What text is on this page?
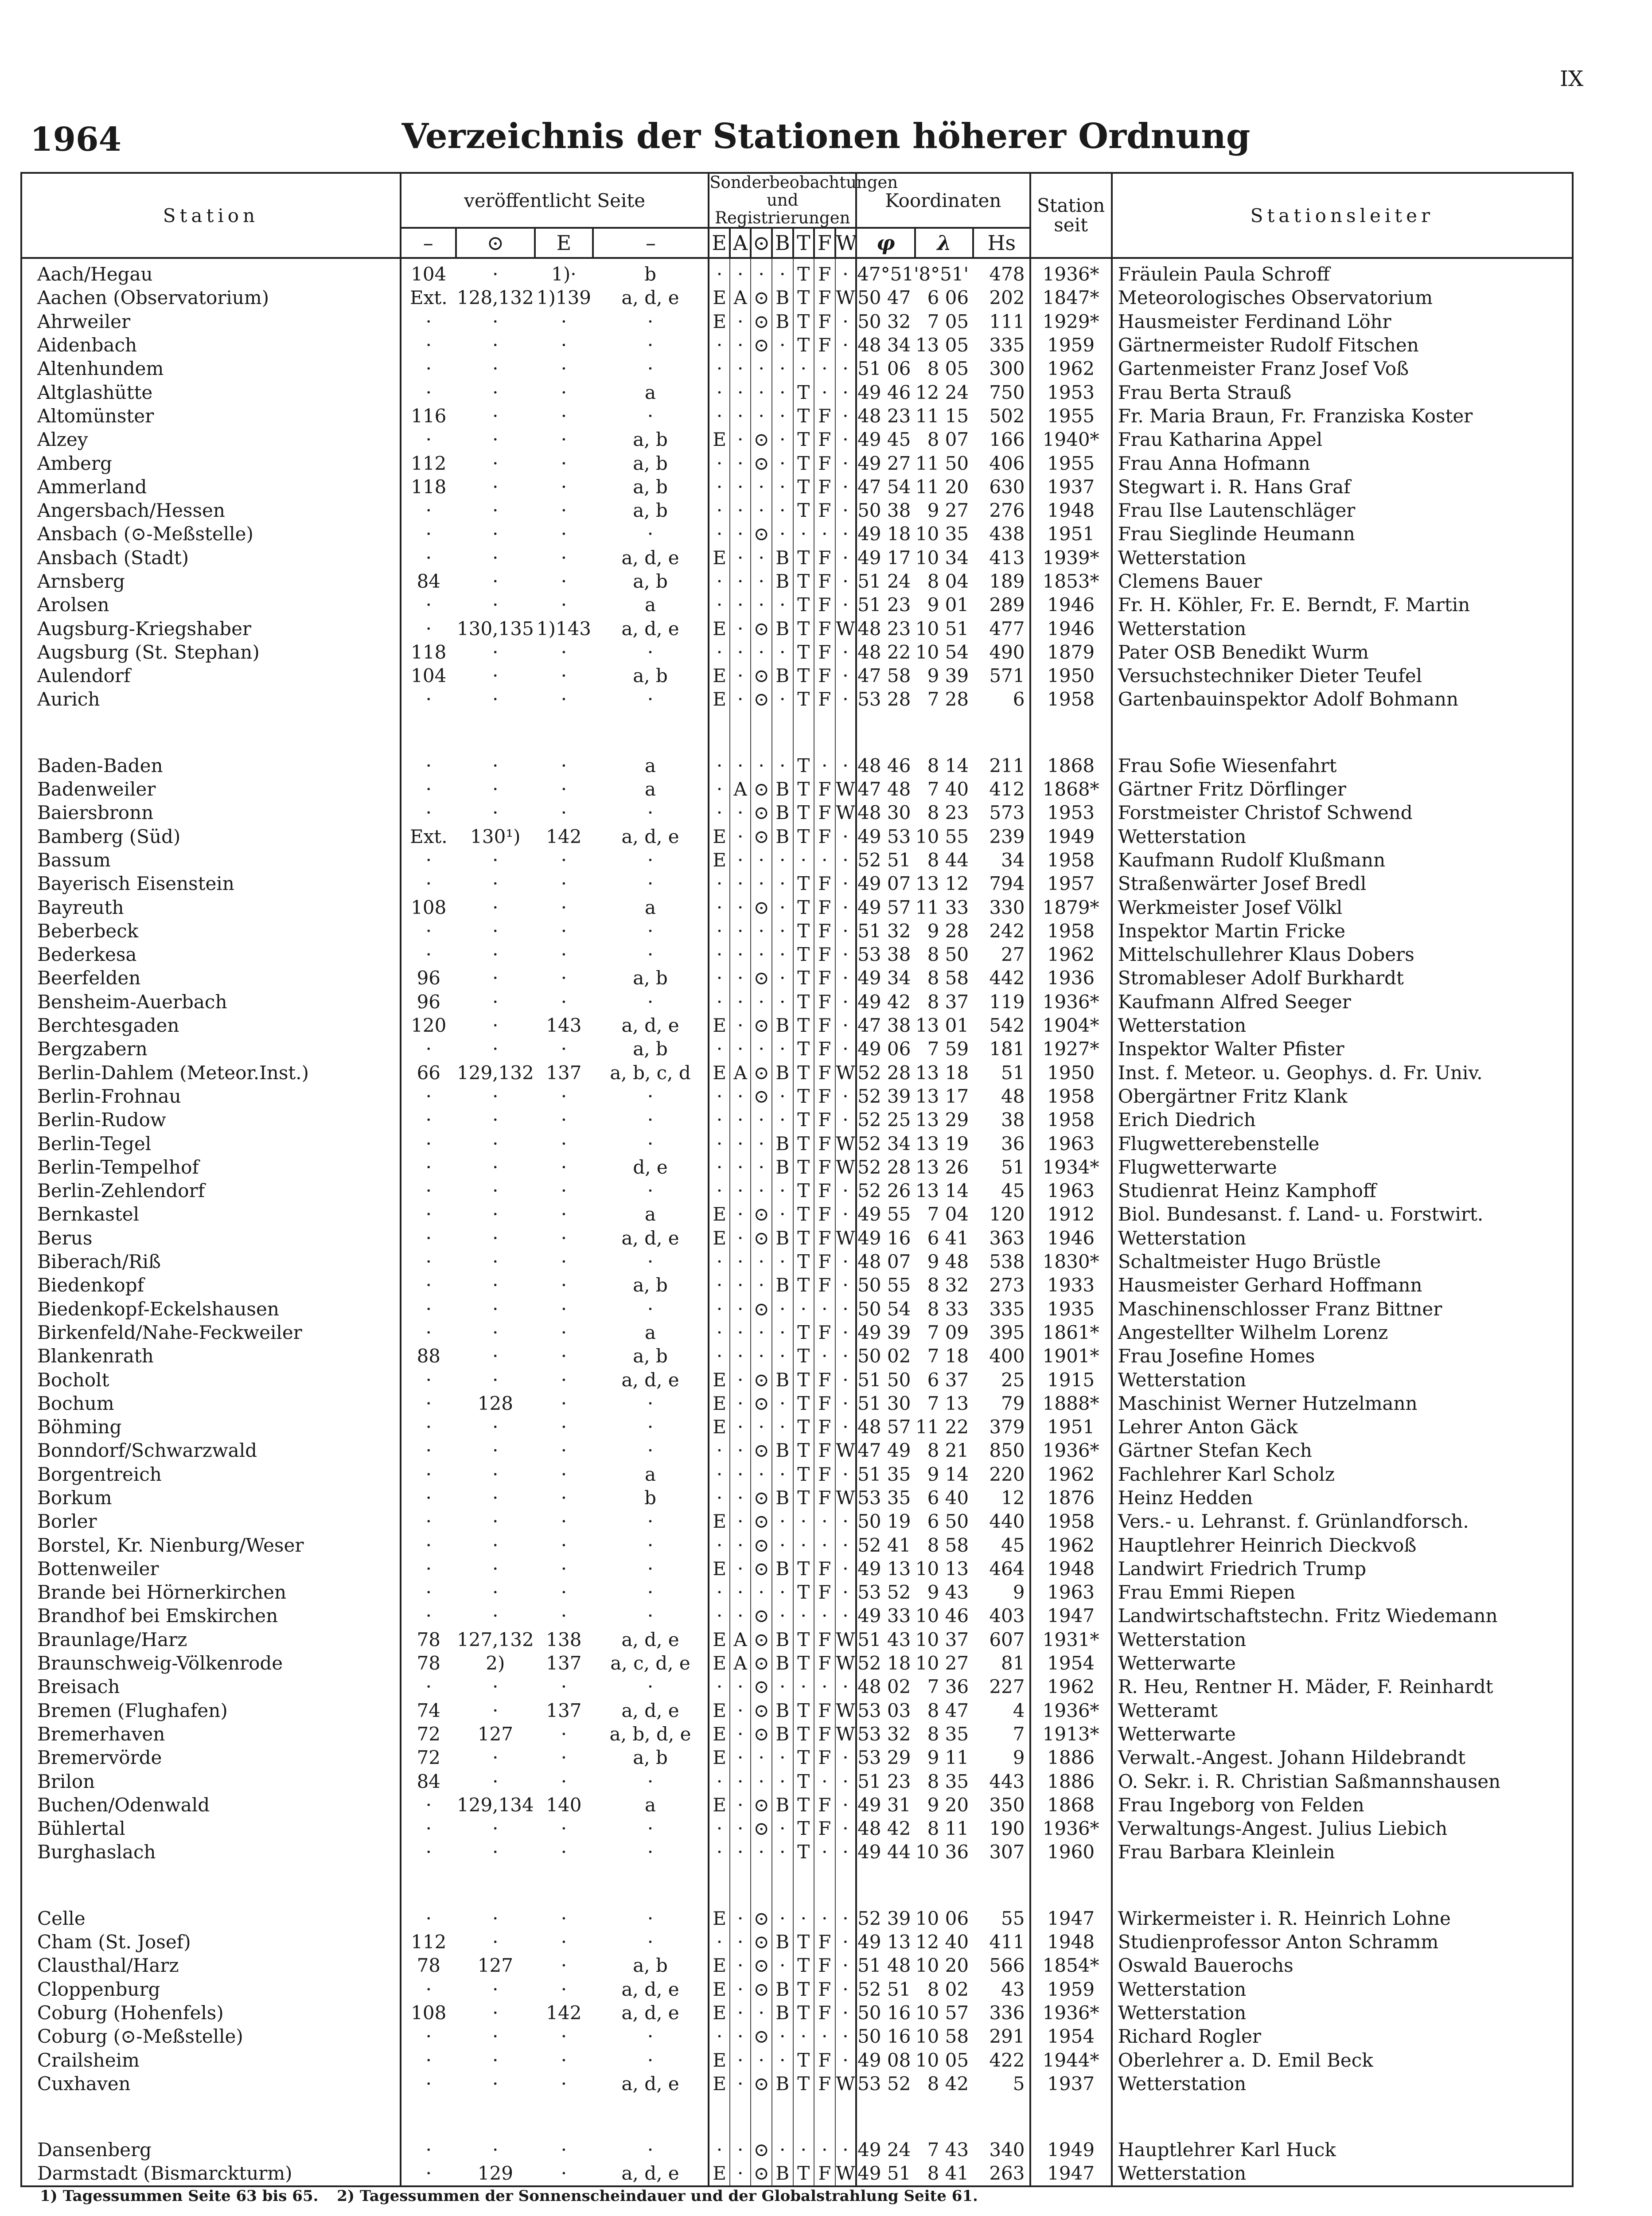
IX
1964	Verzeichnis der Stationen höherer Ordnung
Station	veröffentlicht Seite				Sonderbeobachtungen und Registrierungen							Koordinaten			Station seit	Stationsleiter
	–	⊙	E	–	E	A	⊙	B	T	F	W	φ	λ	Hs		
Aach/Hegau	104	·	1)·	b	·	·	·	·	T	F	·	47°51'	8°51'	478	1936*	Fräulein Paula Schroff
Aachen (Observatorium)	Ext.	128,132	1)139	a, d, e	E	A	⊙	B	T	F	W	50 47	6 06	202	1847*	Meteorologisches Observatorium
Ahrweiler	·	·	·	·	E	·	⊙	B	T	F	·	50 32	7 05	111	1929*	Hausmeister Ferdinand Löhr
Aidenbach	·	·	·	·	·	·	⊙	·	T	F	·	48 34	13 05	335	1959	Gärtnermeister Rudolf Fitschen
Altenhundem	·	·	·	·	·	·	·	·	·	·	·	51 06	8 05	300	1962	Gartenmeister Franz Josef Voß
Altglashütte	·	·	·	a	·	·	·	·	T	·	·	49 46	12 24	750	1953	Frau Berta Strauß
Altomünster	116	·	·	·	·	·	·	·	T	F	·	48 23	11 15	502	1955	Fr. Maria Braun, Fr. Franziska Koster
Alzey	·	·	·	a, b	E	·	⊙	·	T	F	·	49 45	8 07	166	1940*	Frau Katharina Appel
Amberg	112	·	·	a, b	·	·	⊙	·	T	F	·	49 27	11 50	406	1955	Frau Anna Hofmann
Ammerland	118	·	·	a, b	·	·	·	·	T	F	·	47 54	11 20	630	1937	Stegwart i. R. Hans Graf
Angersbach/Hessen	·	·	·	a, b	·	·	·	·	T	F	·	50 38	9 27	276	1948	Frau Ilse Lautenschläger
Ansbach (⊙-Meßstelle)	·	·	·	·	·	·	⊙	·	·	·	·	49 18	10 35	438	1951	Frau Sieglinde Heumann
Ansbach (Stadt)	·	·	·	a, d, e	E	·	·	B	T	F	·	49 17	10 34	413	1939*	Wetterstation
Arnsberg	84	·	·	a, b	·	·	·	B	T	F	·	51 24	8 04	189	1853*	Clemens Bauer
Arolsen	·	·	·	a	·	·	·	·	T	F	·	51 23	9 01	289	1946	Fr. H. Köhler, Fr. E. Berndt, F. Martin
Augsburg-Kriegshaber	·	130,135	1)143	a, d, e	E	·	⊙	B	T	F	W	48 23	10 51	477	1946	Wetterstation
Augsburg (St. Stephan)	118	·	·	·	·	·	·	·	T	F	·	48 22	10 54	490	1879	Pater OSB Benedikt Wurm
Aulendorf	104	·	·	a, b	E	·	⊙	B	T	F	·	47 58	9 39	571	1950	Versuchstechniker Dieter Teufel
Aurich	·	·	·	·	E	·	⊙	·	T	F	·	53 28	7 28	6	1958	Gartenbauinspektor Adolf Bohmann

Baden-Baden	·	·	·	a	·	·	·	·	T	·	·	48 46	8 14	211	1868	Frau Sofie Wiesenfahrt
Badenweiler	·	·	·	a	·	A	⊙	B	T	F	W	47 48	7 40	412	1868*	Gärtner Fritz Dörflinger
Baiersbronn	·	·	·	·	·	·	⊙	B	T	F	W	48 30	8 23	573	1953	Forstmeister Christof Schwend
Bamberg (Süd)	Ext.	130¹)	142	a, d, e	E	·	⊙	B	T	F	·	49 53	10 55	239	1949	Wetterstation
Bassum	·	·	·	·	E	·	·	·	·	·	·	52 51	8 44	34	1958	Kaufmann Rudolf Klußmann
Bayerisch Eisenstein	·	·	·	·	·	·	·	·	T	F	·	49 07	13 12	794	1957	Straßenwärter Josef Bredl
Bayreuth	108	·	·	a	·	·	⊙	·	T	F	·	49 57	11 33	330	1879*	Werkmeister Josef Völkl
Beberbeck	·	·	·	·	·	·	·	·	T	F	·	51 32	9 28	242	1958	Inspektor Martin Fricke
Bederkesa	·	·	·	·	·	·	·	·	T	F	·	53 38	8 50	27	1962	Mittelschullehrer Klaus Dobers
Beerfelden	96	·	·	a, b	·	·	⊙	·	T	F	·	49 34	8 58	442	1936	Stromableser Adolf Burkhardt
Bensheim-Auerbach	96	·	·	·	·	·	·	·	T	F	·	49 42	8 37	119	1936*	Kaufmann Alfred Seeger
Berchtesgaden	120	·	143	a, d, e	E	·	⊙	B	T	F	·	47 38	13 01	542	1904*	Wetterstation
Bergzabern	·	·	·	a, b	·	·	·	·	T	F	·	49 06	7 59	181	1927*	Inspektor Walter Pfister
Berlin-Dahlem (Meteor.Inst.)	66	129,132	137	a, b, c, d	E	A	⊙	B	T	F	W	52 28	13 18	51	1950	Inst. f. Meteor. u. Geophys. d. Fr. Univ.
Berlin-Frohnau	·	·	·	·	·	·	⊙	·	T	F	·	52 39	13 17	48	1958	Obergärtner Fritz Klank
Berlin-Rudow	·	·	·	·	·	·	·	·	T	F	·	52 25	13 29	38	1958	Erich Diedrich
Berlin-Tegel	·	·	·	·	·	·	·	B	T	F	W	52 34	13 19	36	1963	Flugwetterebenstelle
Berlin-Tempelhof	·	·	·	d, e	·	·	·	B	T	F	W	52 28	13 26	51	1934*	Flugwetterwarte
Berlin-Zehlendorf	·	·	·	·	·	·	·	·	T	F	·	52 26	13 14	45	1963	Studienrat Heinz Kamphoff
Bernkastel	·	·	·	a	E	·	⊙	·	T	F	·	49 55	7 04	120	1912	Biol. Bundesanst. f. Land- u. Forstwirt.
Berus	·	·	·	a, d, e	E	·	⊙	B	T	F	W	49 16	6 41	363	1946	Wetterstation
Biberach/Riß	·	·	·	·	·	·	·	·	T	F	·	48 07	9 48	538	1830*	Schaltmeister Hugo Brüstle
Biedenkopf	·	·	·	a, b	·	·	·	B	T	F	·	50 55	8 32	273	1933	Hausmeister Gerhard Hoffmann
Biedenkopf-Eckelshausen	·	·	·	·	·	·	⊙	·	·	·	·	50 54	8 33	335	1935	Maschinenschlosser Franz Bittner
Birkenfeld/Nahe-Feckweiler	·	·	·	a	·	·	·	·	T	F	·	49 39	7 09	395	1861*	Angestellter Wilhelm Lorenz
Blankenrath	88	·	·	a, b	·	·	·	·	T	·	·	50 02	7 18	400	1901*	Frau Josefine Homes
Bocholt	·	·	·	a, d, e	E	·	⊙	B	T	F	·	51 50	6 37	25	1915	Wetterstation
Bochum	·	128	·	·	E	·	⊙	·	T	F	·	51 30	7 13	79	1888*	Maschinist Werner Hutzelmann
Böhming	·	·	·	·	E	·	·	·	T	F	·	48 57	11 22	379	1951	Lehrer Anton Gäck
Bonndorf/Schwarzwald	·	·	·	·	·	·	⊙	B	T	F	W	47 49	8 21	850	1936*	Gärtner Stefan Kech
Borgentreich	·	·	·	a	·	·	·	·	T	F	·	51 35	9 14	220	1962	Fachlehrer Karl Scholz
Borkum	·	·	·	b	·	·	⊙	B	T	F	W	53 35	6 40	12	1876	Heinz Hedden
Borler	·	·	·	·	E	·	⊙	·	·	·	·	50 19	6 50	440	1958	Vers.- u. Lehranst. f. Grünlandforsch.
Borstel, Kr. Nienburg/Weser	·	·	·	·	·	·	⊙	·	·	·	·	52 41	8 58	45	1962	Hauptlehrer Heinrich Dieckvoß
Bottenweiler	·	·	·	·	E	·	⊙	B	T	F	·	49 13	10 13	464	1948	Landwirt Friedrich Trump
Brande bei Hörnerkirchen	·	·	·	·	·	·	·	·	T	F	·	53 52	9 43	9	1963	Frau Emmi Riepen
Brandhof bei Emskirchen	·	·	·	·	·	·	⊙	·	·	·	·	49 33	10 46	403	1947	Landwirtschaftstechn. Fritz Wiedemann
Braunlage/Harz	78	127,132	138	a, d, e	E	A	⊙	B	T	F	W	51 43	10 37	607	1931*	Wetterstation
Braunschweig-Völkenrode	78	2)	137	a, c, d, e	E	A	⊙	B	T	F	W	52 18	10 27	81	1954	Wetterwarte
Breisach	·	·	·	·	·	·	⊙	·	·	·	·	48 02	7 36	227	1962	R. Heu, Rentner H. Mäder, F. Reinhardt
Bremen (Flughafen)	74	·	137	a, d, e	E	·	⊙	B	T	F	W	53 03	8 47	4	1936*	Wetteramt
Bremerhaven	72	127	·	a, b, d, e	E	·	⊙	B	T	F	W	53 32	8 35	7	1913*	Wetterwarte
Bremervörde	72	·	·	a, b	E	·	·	·	T	F	·	53 29	9 11	9	1886	Verwalt.-Angest. Johann Hildebrandt
Brilon	84	·	·	·	·	·	·	·	T	·	·	51 23	8 35	443	1886	O. Sekr. i. R. Christian Saßmannshausen
Buchen/Odenwald	·	129,134	140	a	E	·	⊙	B	T	F	·	49 31	9 20	350	1868	Frau Ingeborg von Felden
Bühlertal	·	·	·	·	·	·	⊙	·	T	F	·	48 42	8 11	190	1936*	Verwaltungs-Angest. Julius Liebich
Burghaslach	·	·	·	·	·	·	·	·	T	·	·	49 44	10 36	307	1960	Frau Barbara Kleinlein

Celle	·	·	·	·	E	·	⊙	·	·	·	·	52 39	10 06	55	1947	Wirkermeister i. R. Heinrich Lohne
Cham (St. Josef)	112	·	·	·	·	·	⊙	B	T	F	·	49 13	12 40	411	1948	Studienprofessor Anton Schramm
Clausthal/Harz	78	127	·	a, b	E	·	⊙	·	T	F	·	51 48	10 20	566	1854*	Oswald Bauerochs
Cloppenburg	·	·	·	a, d, e	E	·	⊙	B	T	F	·	52 51	8 02	43	1959	Wetterstation
Coburg (Hohenfels)	108	·	142	a, d, e	E	·	·	B	T	F	·	50 16	10 57	336	1936*	Wetterstation
Coburg (⊙-Meßstelle)	·	·	·	·	·	·	⊙	·	·	·	·	50 16	10 58	291	1954	Richard Rogler
Crailsheim	·	·	·	·	E	·	·	·	T	F	·	49 08	10 05	422	1944*	Oberlehrer a. D. Emil Beck
Cuxhaven	·	·	·	a, d, e	E	·	⊙	B	T	F	W	53 52	8 42	5	1937	Wetterstation

Dansenberg	·	·	·	·	·	·	⊙	·	·	·	·	49 24	7 43	340	1949	Hauptlehrer Karl Huck
Darmstadt (Bismarckturm)	·	129	·	a, d, e	E	·	⊙	B	T	F	W	49 51	8 41	263	1947	Wetterstation
1) Tagessummen Seite 63 bis 65. 2) Tagessummen der Sonnenscheindauer und der Globalstrahlung Seite 61.
